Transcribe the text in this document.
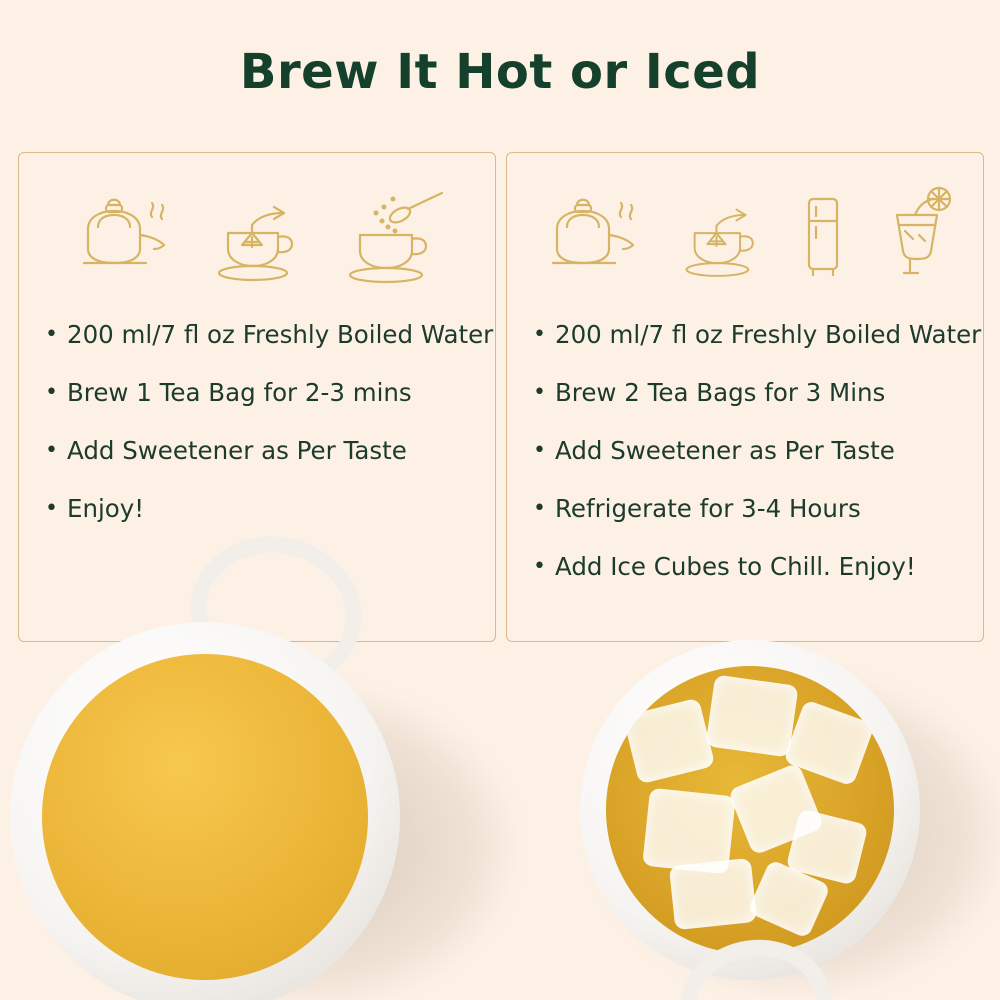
Brew It Hot or Iced
• 200 ml/7 fl oz Freshly Boiled Water
• Brew 1 Tea Bag for 2-3 mins
• Add Sweetener as Per Taste
• Enjoy!
• 200 ml/7 fl oz Freshly Boiled Water
• Brew 2 Tea Bags for 3 Mins
• Add Sweetener as Per Taste
• Refrigerate for 3-4 Hours
• Add Ice Cubes to Chill. Enjoy!
